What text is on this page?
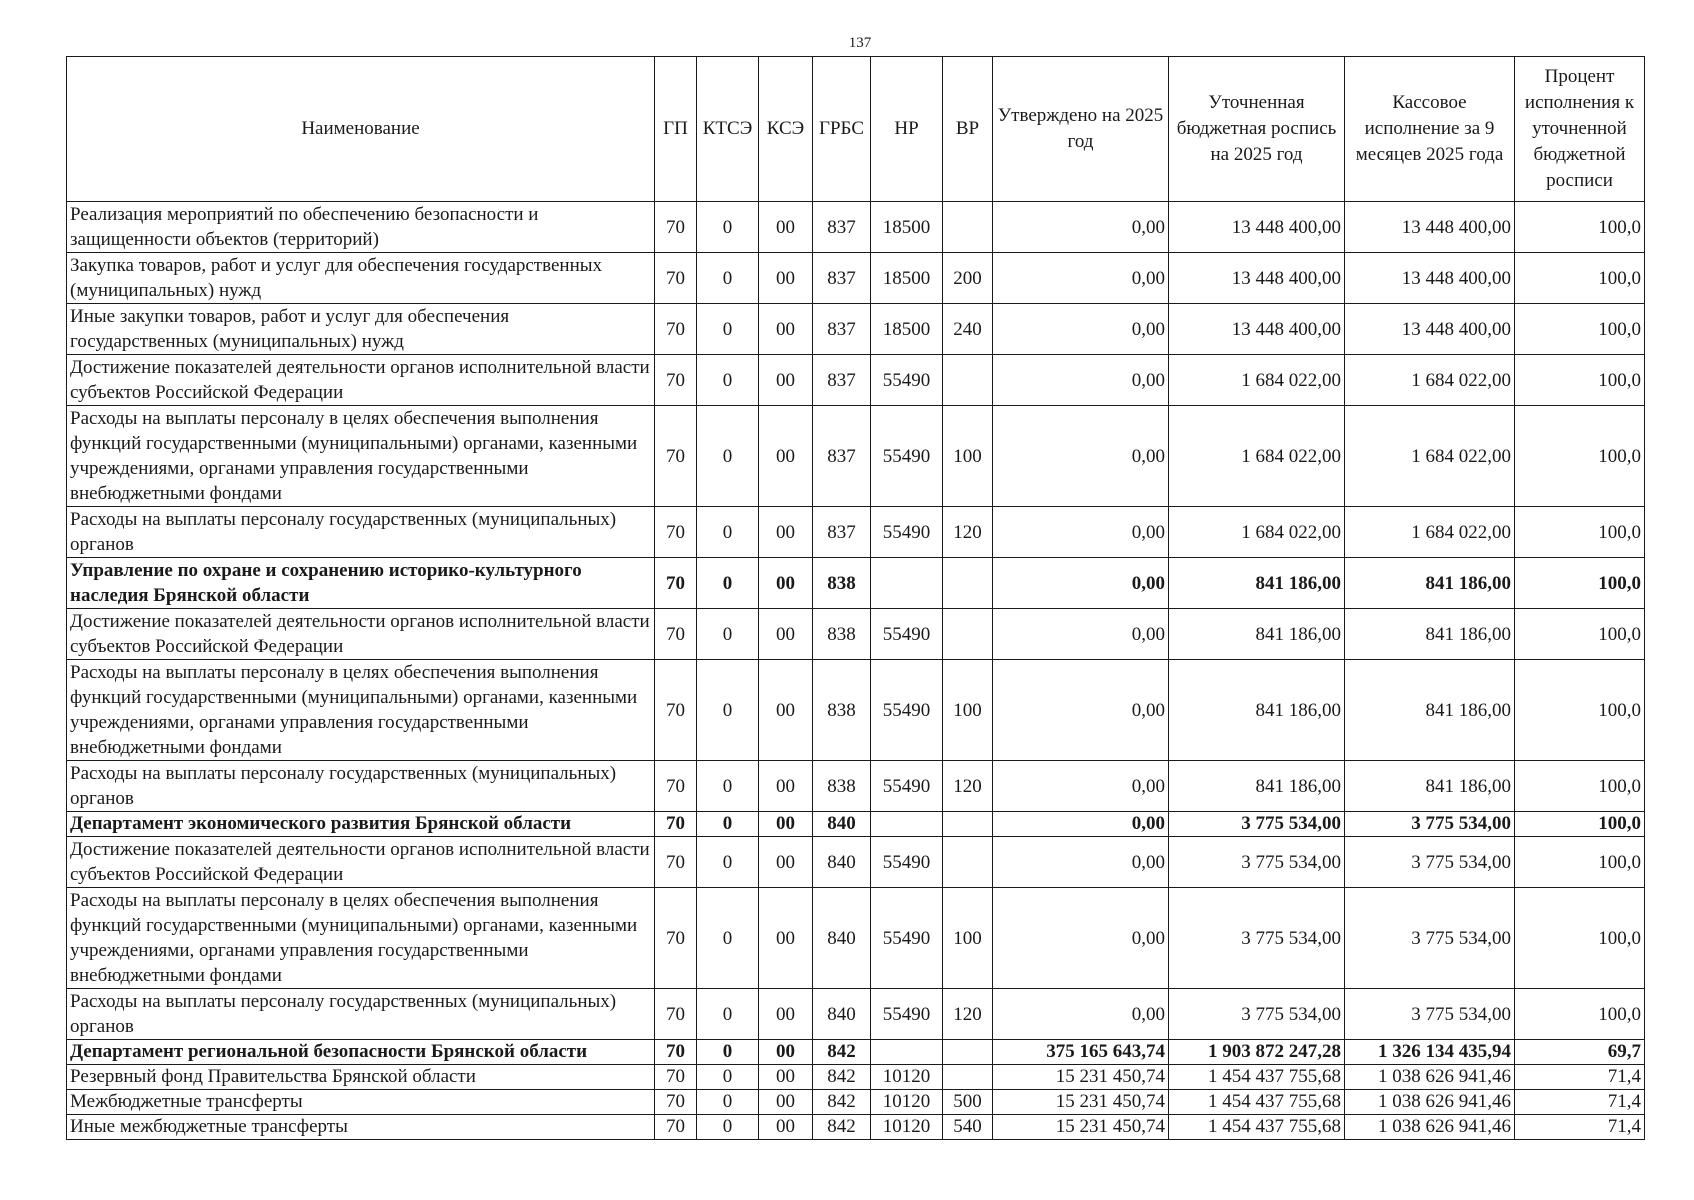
137
Наименование	ГП	КТСЭ	КСЭ	ГРБС	НР	ВР	Утверждено на 2025 год	Уточненная бюджетная роспись на 2025 год	Кассовое исполнение за 9 месяцев 2025 года	Процент исполнения к уточненной бюджетной росписи
Реализация мероприятий по обеспечению безопасности и защищенности объектов (территорий)	70	0	00	837	18500		0,00	13 448 400,00	13 448 400,00	100,0
Закупка товаров, работ и услуг для обеспечения государственных (муниципальных) нужд	70	0	00	837	18500	200	0,00	13 448 400,00	13 448 400,00	100,0
Иные закупки товаров, работ и услуг для обеспечения государственных (муниципальных) нужд	70	0	00	837	18500	240	0,00	13 448 400,00	13 448 400,00	100,0
Достижение показателей деятельности органов исполнительной власти субъектов Российской Федерации	70	0	00	837	55490		0,00	1 684 022,00	1 684 022,00	100,0
Расходы на выплаты персоналу в целях обеспечения выполнения функций государственными (муниципальными) органами, казенными учреждениями, органами управления государственными внебюджетными фондами	70	0	00	837	55490	100	0,00	1 684 022,00	1 684 022,00	100,0
Расходы на выплаты персоналу государственных (муниципальных) органов	70	0	00	837	55490	120	0,00	1 684 022,00	1 684 022,00	100,0
Управление по охране и сохранению историко-культурного наследия Брянской области	70	0	00	838			0,00	841 186,00	841 186,00	100,0
Достижение показателей деятельности органов исполнительной власти субъектов Российской Федерации	70	0	00	838	55490		0,00	841 186,00	841 186,00	100,0
Расходы на выплаты персоналу в целях обеспечения выполнения функций государственными (муниципальными) органами, казенными учреждениями, органами управления государственными внебюджетными фондами	70	0	00	838	55490	100	0,00	841 186,00	841 186,00	100,0
Расходы на выплаты персоналу государственных (муниципальных) органов	70	0	00	838	55490	120	0,00	841 186,00	841 186,00	100,0
Департамент экономического развития Брянской области	70	0	00	840			0,00	3 775 534,00	3 775 534,00	100,0
Достижение показателей деятельности органов исполнительной власти субъектов Российской Федерации	70	0	00	840	55490		0,00	3 775 534,00	3 775 534,00	100,0
Расходы на выплаты персоналу в целях обеспечения выполнения функций государственными (муниципальными) органами, казенными учреждениями, органами управления государственными внебюджетными фондами	70	0	00	840	55490	100	0,00	3 775 534,00	3 775 534,00	100,0
Расходы на выплаты персоналу государственных (муниципальных) органов	70	0	00	840	55490	120	0,00	3 775 534,00	3 775 534,00	100,0
Департамент региональной безопасности Брянской области	70	0	00	842			375 165 643,74	1 903 872 247,28	1 326 134 435,94	69,7
Резервный фонд Правительства Брянской области	70	0	00	842	10120		15 231 450,74	1 454 437 755,68	1 038 626 941,46	71,4
Межбюджетные трансферты	70	0	00	842	10120	500	15 231 450,74	1 454 437 755,68	1 038 626 941,46	71,4
Иные межбюджетные трансферты	70	0	00	842	10120	540	15 231 450,74	1 454 437 755,68	1 038 626 941,46	71,4
